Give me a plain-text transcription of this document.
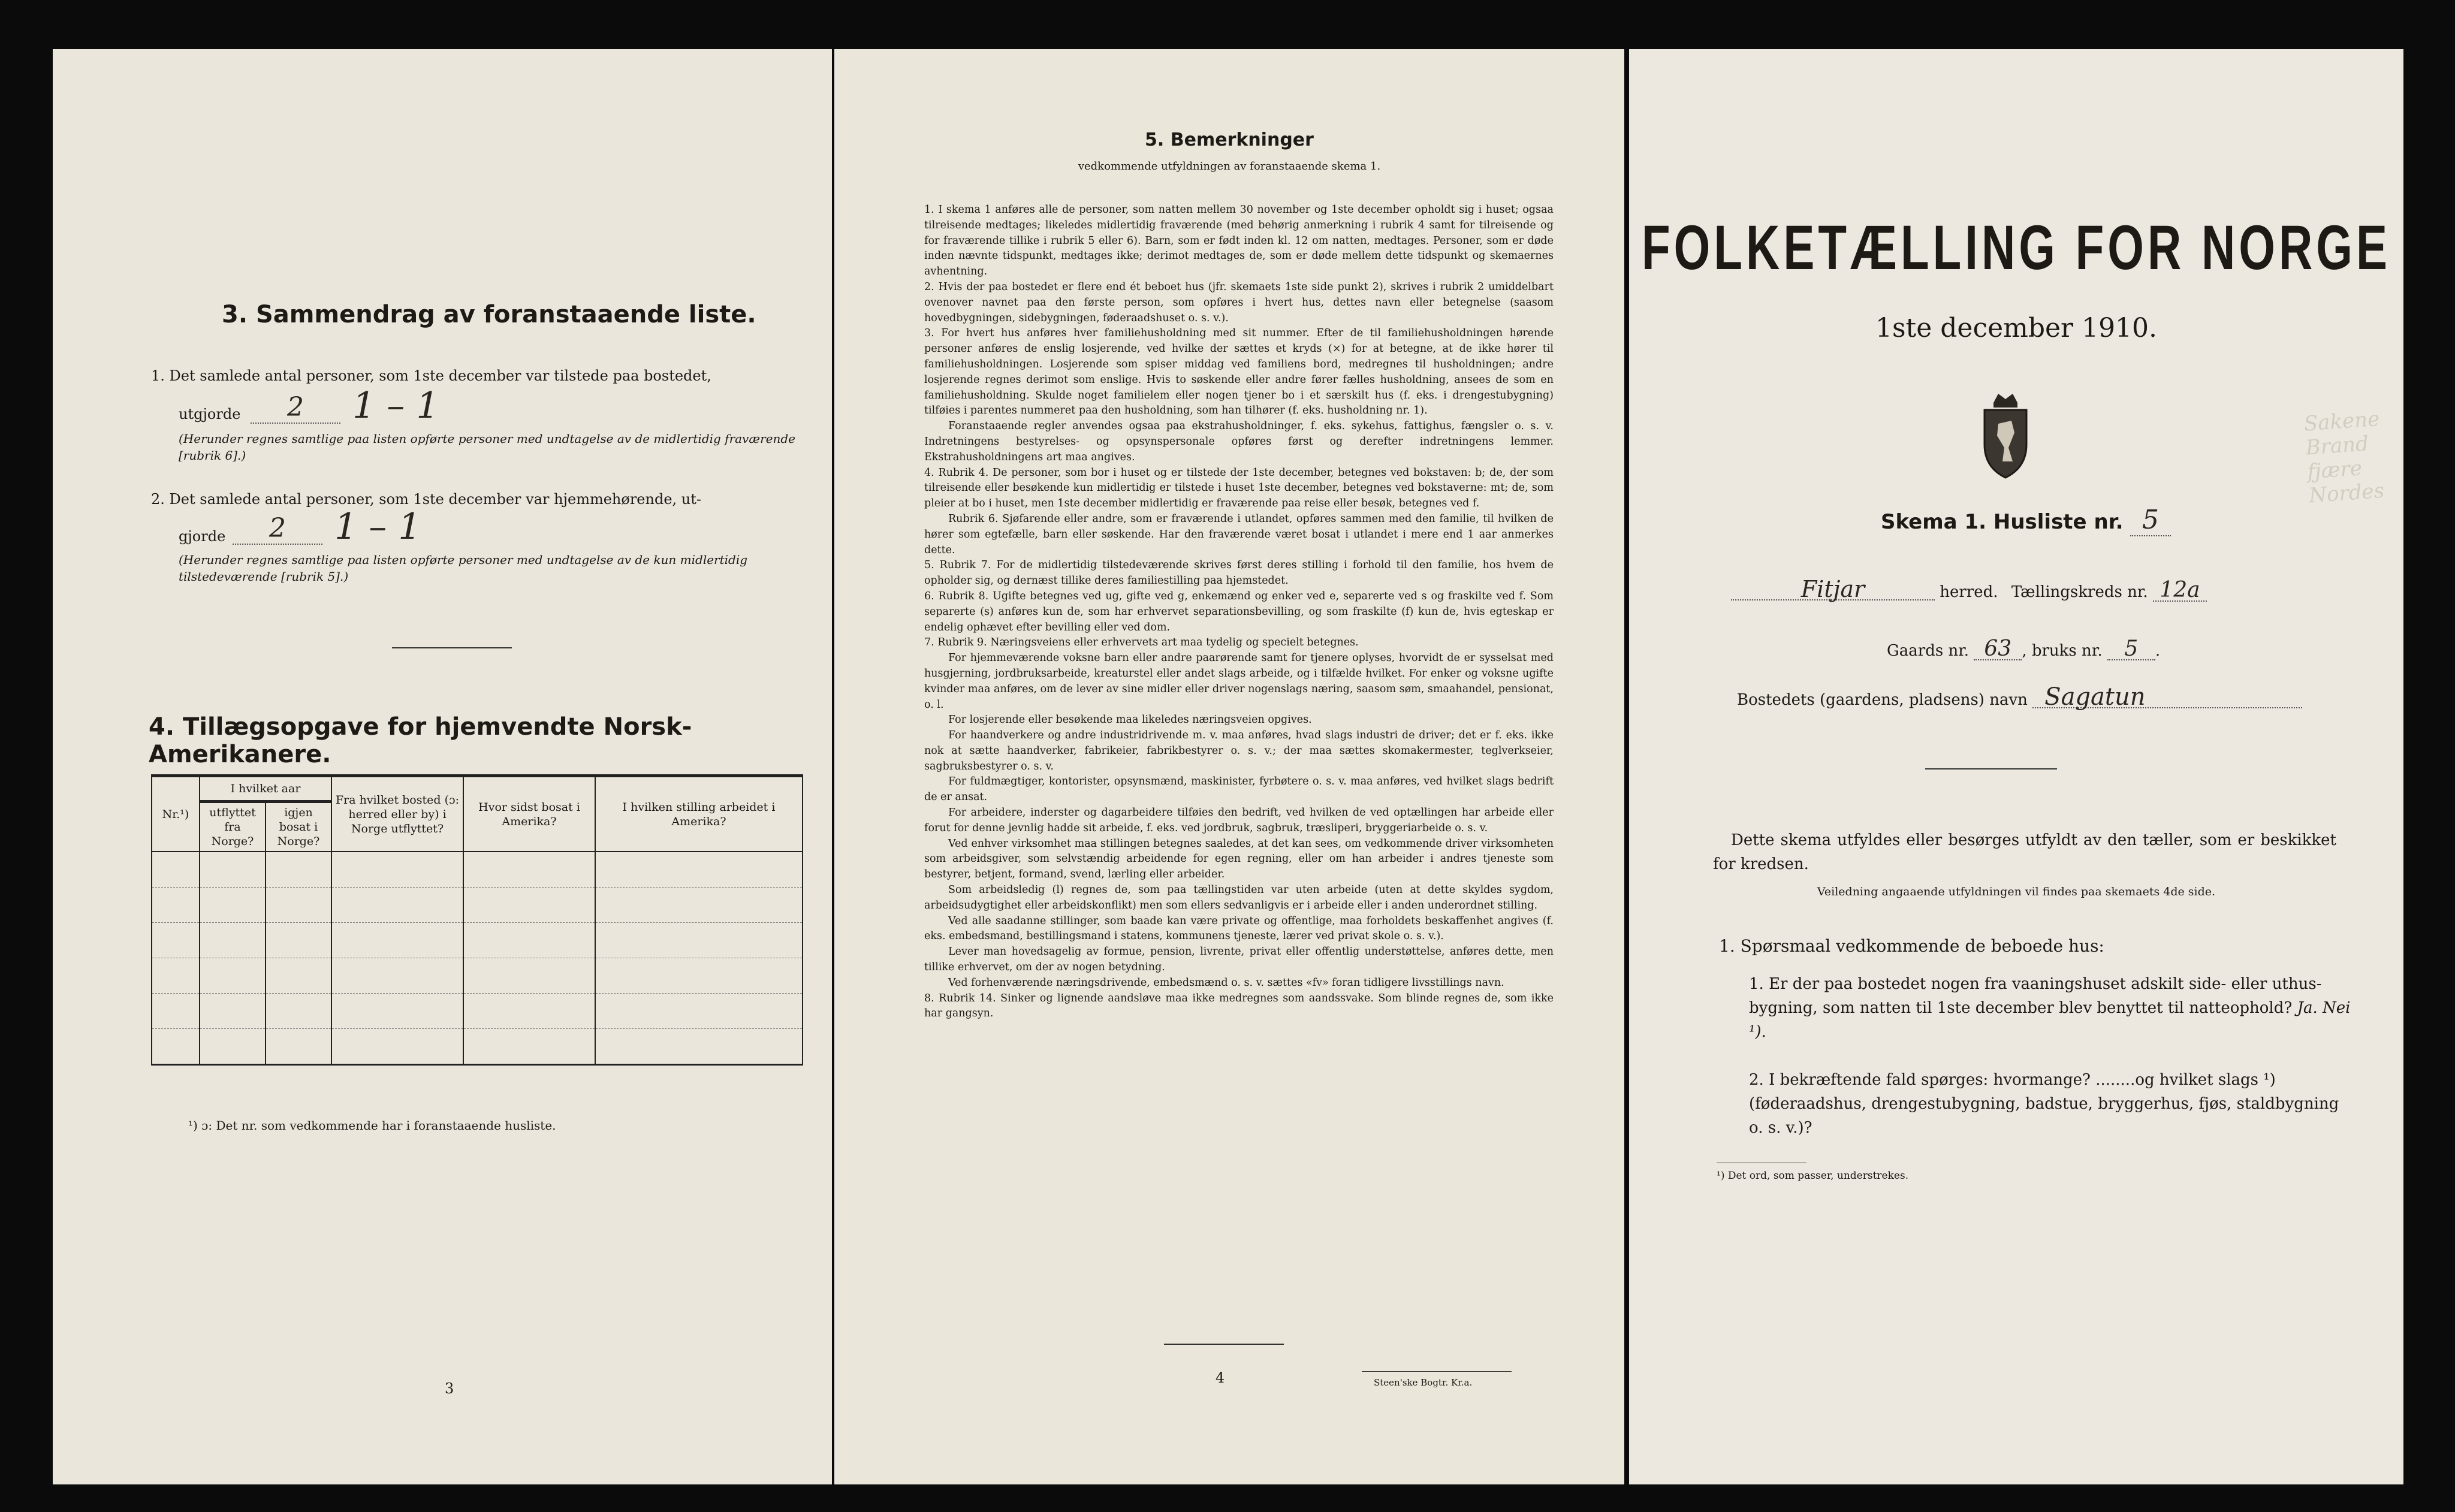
3. Sammendrag av foranstaaende liste.
1. Det samlede antal personer, som 1ste december var tilstede paa bostedet,
utgjorde	2	1 – 1
(Herunder regnes samtlige paa listen opførte personer med undtagelse av de midlertidig fraværende [rubrik 6].)
2. Det samlede antal personer, som 1ste december var hjemmehørende, ut-
gjorde	2	1 – 1
(Herunder regnes samtlige paa listen opførte personer med undtagelse av de kun midlertidig tilstedeværende [rubrik 5].)
4. Tillægsopgave for hjemvendte Norsk-Amerikanere.
Nr.¹)	I hvilket aar		Fra hvilket bosted (ɔ: herred eller by) i Norge utflyttet?	Hvor sidst bosat i Amerika?	I hvilken stilling arbeidet i Amerika?
	utflyttet fra Norge?	igjen bosat i Norge?			

¹) ɔ: Det nr. som vedkommende har i foranstaaende husliste.
3
5. Bemerkninger
vedkommende utfyldningen av foranstaaende skema 1.

1. I skema 1 anføres alle de personer, som natten mellem 30 november og 1ste december opholdt sig i huset; ogsaa tilreisende medtages; likeledes midlertidig fraværende (med behørig anmerkning i rubrik 4 samt for tilreisende og for fraværende tillike i rubrik 5 eller 6). Barn, som er født inden kl. 12 om natten, medtages. Personer, som er døde inden nævnte tidspunkt, medtages ikke; derimot medtages de, som er døde mellem dette tidspunkt og skemaernes avhentning.

2. Hvis der paa bostedet er flere end ét beboet hus (jfr. skemaets 1ste side punkt 2), skrives i rubrik 2 umiddelbart ovenover navnet paa den første person, som opføres i hvert hus, dettes navn eller betegnelse (saasom hovedbygningen, sidebygningen, føderaadshuset o. s. v.).

3. For hvert hus anføres hver familiehusholdning med sit nummer. Efter de til familiehusholdningen hørende personer anføres de enslig losjerende, ved hvilke der sættes et kryds (×) for at betegne, at de ikke hører til familiehusholdningen. Losjerende som spiser middag ved familiens bord, medregnes til husholdningen; andre losjerende regnes derimot som enslige. Hvis to søskende eller andre fører fælles husholdning, ansees de som en familiehusholdning. Skulde noget familielem eller nogen tjener bo i et særskilt hus (f. eks. i drengestubygning) tilføies i parentes nummeret paa den husholdning, som han tilhører (f. eks. husholdning nr. 1).

Foranstaaende regler anvendes ogsaa paa ekstrahusholdninger, f. eks. sykehus, fattighus, fængsler o. s. v. Indretningens bestyrelses- og opsynspersonale opføres først og derefter indretningens lemmer. Ekstrahusholdningens art maa angives.

4. Rubrik 4. De personer, som bor i huset og er tilstede der 1ste december, betegnes ved bokstaven: b; de, der som tilreisende eller besøkende kun midlertidig er tilstede i huset 1ste december, betegnes ved bokstaverne: mt; de, som pleier at bo i huset, men 1ste december midlertidig er fraværende paa reise eller besøk, betegnes ved f.

Rubrik 6. Sjøfarende eller andre, som er fraværende i utlandet, opføres sammen med den familie, til hvilken de hører som egtefælle, barn eller søskende. Har den fraværende været bosat i utlandet i mere end 1 aar anmerkes dette.

5. Rubrik 7. For de midlertidig tilstedeværende skrives først deres stilling i forhold til den familie, hos hvem de opholder sig, og dernæst tillike deres familiestilling paa hjemstedet.

6. Rubrik 8. Ugifte betegnes ved ug, gifte ved g, enkemænd og enker ved e, separerte ved s og fraskilte ved f. Som separerte (s) anføres kun de, som har erhvervet separationsbevilling, og som fraskilte (f) kun de, hvis egteskap er endelig ophævet efter bevilling eller ved dom.

7. Rubrik 9. Næringsveiens eller erhvervets art maa tydelig og specielt betegnes.

For hjemmeværende voksne barn eller andre paarørende samt for tjenere oplyses, hvorvidt de er sysselsat med husgjerning, jordbruksarbeide, kreaturstel eller andet slags arbeide, og i tilfælde hvilket. For enker og voksne ugifte kvinder maa anføres, om de lever av sine midler eller driver nogenslags næring, saasom søm, smaahandel, pensionat, o. l.

For losjerende eller besøkende maa likeledes næringsveien opgives.

For haandverkere og andre industridrivende m. v. maa anføres, hvad slags industri de driver; det er f. eks. ikke nok at sætte haandverker, fabrikeier, fabrikbestyrer o. s. v.; der maa sættes skomakermester, teglverkseier, sagbruksbestyrer o. s. v.

For fuldmægtiger, kontorister, opsynsmænd, maskinister, fyrbøtere o. s. v. maa anføres, ved hvilket slags bedrift de er ansat.

For arbeidere, inderster og dagarbeidere tilføies den bedrift, ved hvilken de ved optællingen har arbeide eller forut for denne jevnlig hadde sit arbeide, f. eks. ved jordbruk, sagbruk, træsliperi, bryggeriarbeide o. s. v.

Ved enhver virksomhet maa stillingen betegnes saaledes, at det kan sees, om vedkommende driver virksomheten som arbeidsgiver, som selvstændig arbeidende for egen regning, eller om han arbeider i andres tjeneste som bestyrer, betjent, formand, svend, lærling eller arbeider.

Som arbeidsledig (l) regnes de, som paa tællingstiden var uten arbeide (uten at dette skyldes sygdom, arbeidsudygtighet eller arbeidskonflikt) men som ellers sedvanligvis er i arbeide eller i anden underordnet stilling.

Ved alle saadanne stillinger, som baade kan være private og offentlige, maa forholdets beskaffenhet angives (f. eks. embedsmand, bestillingsmand i statens, kommunens tjeneste, lærer ved privat skole o. s. v.).

Lever man hovedsagelig av formue, pension, livrente, privat eller offentlig understøttelse, anføres dette, men tillike erhvervet, om der av nogen betydning.

Ved forhenværende næringsdrivende, embedsmænd o. s. v. sættes «fv» foran tidligere livsstillings navn.

8. Rubrik 14. Sinker og lignende aandsløve maa ikke medregnes som aandssvake. Som blinde regnes de, som ikke har gangsyn.

4	Steen'ske Bogtr. Kr.a.
FOLKETÆLLING FOR NORGE
1ste december 1910.
Skema 1. Husliste nr. 5
Fitjar	herred. Tællingskreds nr. 12a
Gaards nr. 63 , bruks nr. 5 .
Bostedets (gaardens, pladsens) navn Sagatun
Dette skema utfyldes eller besørges utfyldt av den tæller, som er beskikket for kredsen.
Veiledning angaaende utfyldningen vil findes paa skemaets 4de side.
1. Spørsmaal vedkommende de beboede hus:
1. Er der paa bostedet nogen fra vaaningshuset adskilt side- eller uthus-bygning, som natten til 1ste december blev benyttet til natteophold? Ja. Nei ¹).
2. I bekræftende fald spørges: hvormange? ........og hvilket slags ¹) (føderaadshus, drengestubygning, badstue, bryggerhus, fjøs, staldbygning o. s. v.)?
¹) Det ord, som passer, understrekes.
Sakene Brand fjære Nordes
